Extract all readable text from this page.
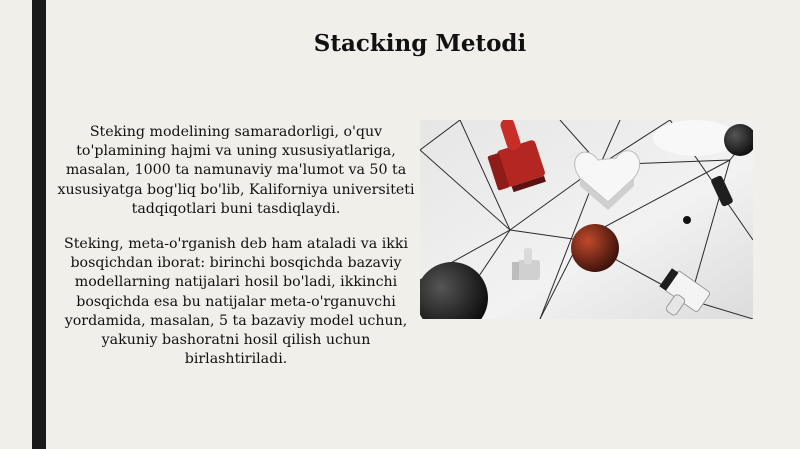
Stacking Metodi

Steking modelining samaradorligi, o'quv to'plamining hajmi va uning xususiyatlariga, masalan, 1000 ta namunaviy ma'lumot va 50 ta xususiyatga bog'liq bo'lib, Kaliforniya universiteti tadqiqotlari buni tasdiqlaydi.

Steking, meta-o'rganish deb ham ataladi va ikki bosqichdan iborat: birinchi bosqichda bazaviy modellarning natijalari hosil bo'ladi, ikkinchi bosqichda esa bu natijalar meta-o'rganuvchi yordamida, masalan, 5 ta bazaviy model uchun, yakuniy bashoratni hosil qilish uchun birlashtiriladi.
